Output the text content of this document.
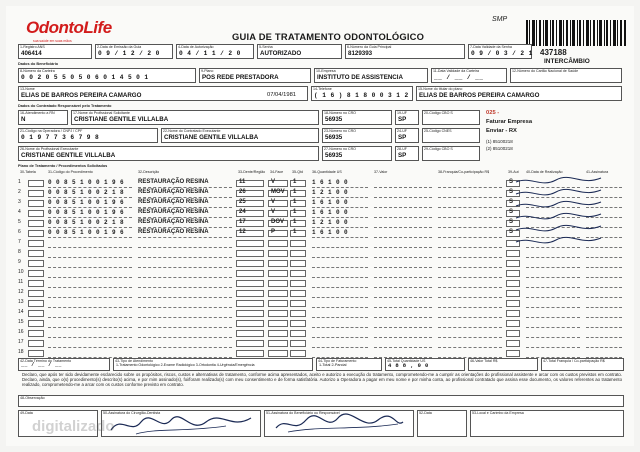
OdontoLife
sua saúde em suas mãos	GUIA DE TRATAMENTO ODONTOLÓGICO
SMP
437188
INTERCÂMBIO
1-Registro ANS
406414
2-Data de Emissão da Guia
0 9 / 1 2 / 2 0
4-Data de Autorização
0 4 / 1 1 / 2 0
5-Senha
AUTORIZADO
6-Número da Guia Principal
8129393
7-Data Validade da Senha
0 9 / 0 3 / 2 1
Dados do Beneficiário
8-Número da Carteira
0 0 2 0 5 5 0 5 0 6 0 1 4 5 0 1
9-Plano
POS REDE PRESTADORA
10-Empresa
INSTITUTO DE ASSISTENCIA
11-Data Validade da Carteira
__ / __ / __
12-Número do Cartão Nacional de Saúde
13-Nome
ELIAS DE BARROS PEREIRA CAMARGO	07/04/1981
14-Telefone
( 1 6 ) 8 1 8 0 0 3 1 2
15-Nome do titular do plano
ELIAS DE BARROS PEREIRA CAMARGO
Dados do Contratado Responsável pelo Tratamento
16-Atendimento a RN
N
17-Nome do Profissional Solicitante
CRISTIANE GENTILE VILLALBA
18-Número no CRO
56935
19-UF
SP
20-Código CBO S
21-Código na Operadora / CNPJ / CPF
0 1 9 7 7 3 6 7 9 8
22-Nome do Contratado Executante
CRISTIANE GENTILE VILLALBA
23-Número no CRO
56935
24-UF
SP
25-Código CNES
26-Nome do Profissional Executante
CRISTIANE GENTILE VILLALBA
27-Número no CRO
56935
28-UF
SP
29-Código CBO S
025 -
Faturar Empresa
Enviar - RX
(1) 85100218
(2) 85100218
Plano de Tratamento / Procedimentos Solicitados
30-Tabela	31-Código do Procedimento	32-Descrição	33-Dente/Região 34-Face 35-Qtd	36-Quantidade US	37-Valor	38-Franquia/Co-participação R$	39-Aut 40-Data de Realização	41-Assinatura
1	0 0 8 5 1 0 0 1 9 6 RESTAURAÇÃO RESINA	11	V	1	1 6 1 0 0	S
2	0 0 8 5 1 0 0 2 1 8 RESTAURAÇÃO RESINA	26	MOV 1	1 2 1 0 0	S
3	0 0 8 5 1 0 0 1 9 6 RESTAURAÇÃO RESINA	25	V	1	1 6 1 0 0	S
4	0 0 8 5 1 0 0 1 9 6 RESTAURAÇÃO RESINA	24	V	1	1 6 1 0 0	S
5	0 0 8 5 1 0 0 2 1 8 RESTAURAÇÃO RESINA	17	DOV 1	1 2 1 0 0	S
6	0 0 8 5 1 0 0 1 9 6 RESTAURAÇÃO RESINA	12	P	1	1 6 1 0 0	S
7
8
9
10
11
12
13
14
15
16
17
18
42-Data Término do Tratamento
__ / __ / __
43-Tipo de Atendimento
1-Tratamento Odontológico 2-Exame Radiológico 3-Ortodontia 4-Urgência/Emergência
44-Tipo de Faturamento
1-Total 2-Parcial
45-Total Quantidade US
4 8 8 , 0 0
46-Valor Total R$	47-Total Franquia / Co-participação R$
Declaro, que após ter sido devidamente esclarecido sobre os propósitos, riscos, custos e alternativas de tratamento, conforme acima apresentados, aceito e autorizo a execução do tratamento, comprometendo-me a cumprir as orientações do profissional assistente e arcar com os custos previstos em contrato. Declaro, ainda, que o(s) procedimento(s) descrito(s) acima, e por mim assinado(s), foi/foram realizado(s) com meu consentimento e de forma satisfatória. Autorizo a Operadora a pagar em meu nome e por minha conta, ao profissional contratado que assina esse documento, os valores referentes ao tratamento realizado, comprometendo-me a arcar com os custos conforme previsto em contrato.
48-Observação
49-Data	50-Assinatura do Cirurgião-Dentista	51-Assinatura do Beneficiário ou Responsável	52-Data	53-Local e Carimbo da Empresa
digitalizado
